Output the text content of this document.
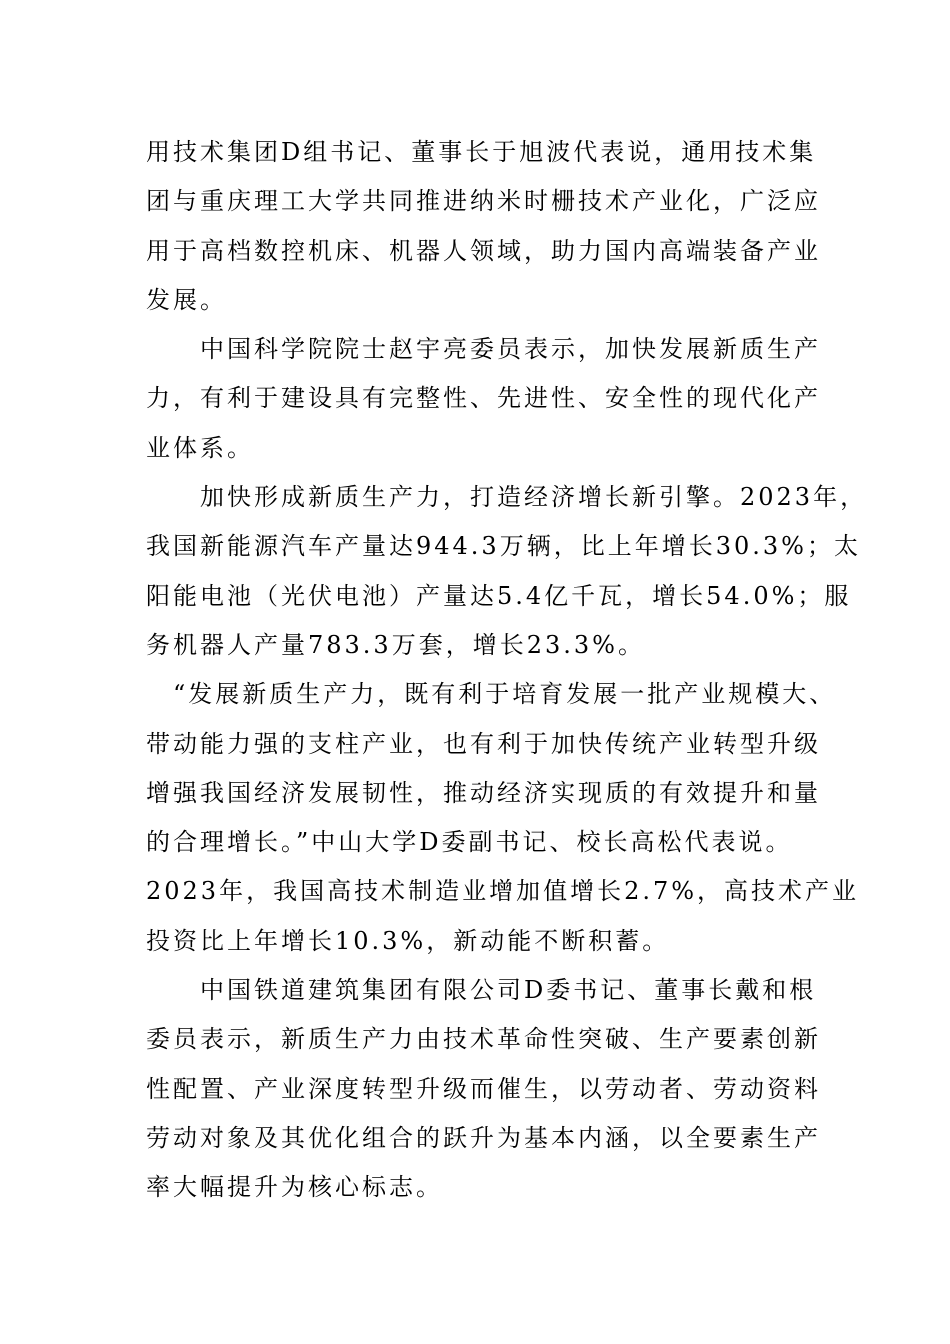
用技术集团D组书记、董事长于旭波代表说，通用技术集
团与重庆理工大学共同推进纳米时栅技术产业化，广泛应
用于高档数控机床、机器人领域，助力国内高端装备产业
发展。
　　中国科学院院士赵宇亮委员表示，加快发展新质生产
力，有利于建设具有完整性、先进性、安全性的现代化产
业体系。
　　加快形成新质生产力，打造经济增长新引擎。2023年，
我国新能源汽车产量达944.3万辆，比上年增长30.3%；太
阳能电池（光伏电池）产量达5.4亿千瓦，增长54.0%；服
务机器人产量783.3万套，增长23.3%。
　“发展新质生产力，既有利于培育发展一批产业规模大、
带动能力强的支柱产业，也有利于加快传统产业转型升级
增强我国经济发展韧性，推动经济实现质的有效提升和量
的合理增长。”中山大学D委副书记、校长高松代表说。
2023年，我国高技术制造业增加值增长2.7%，高技术产业
投资比上年增长10.3%，新动能不断积蓄。
　　中国铁道建筑集团有限公司D委书记、董事长戴和根
委员表示，新质生产力由技术革命性突破、生产要素创新
性配置、产业深度转型升级而催生，以劳动者、劳动资料
劳动对象及其优化组合的跃升为基本内涵，以全要素生产
率大幅提升为核心标志。
